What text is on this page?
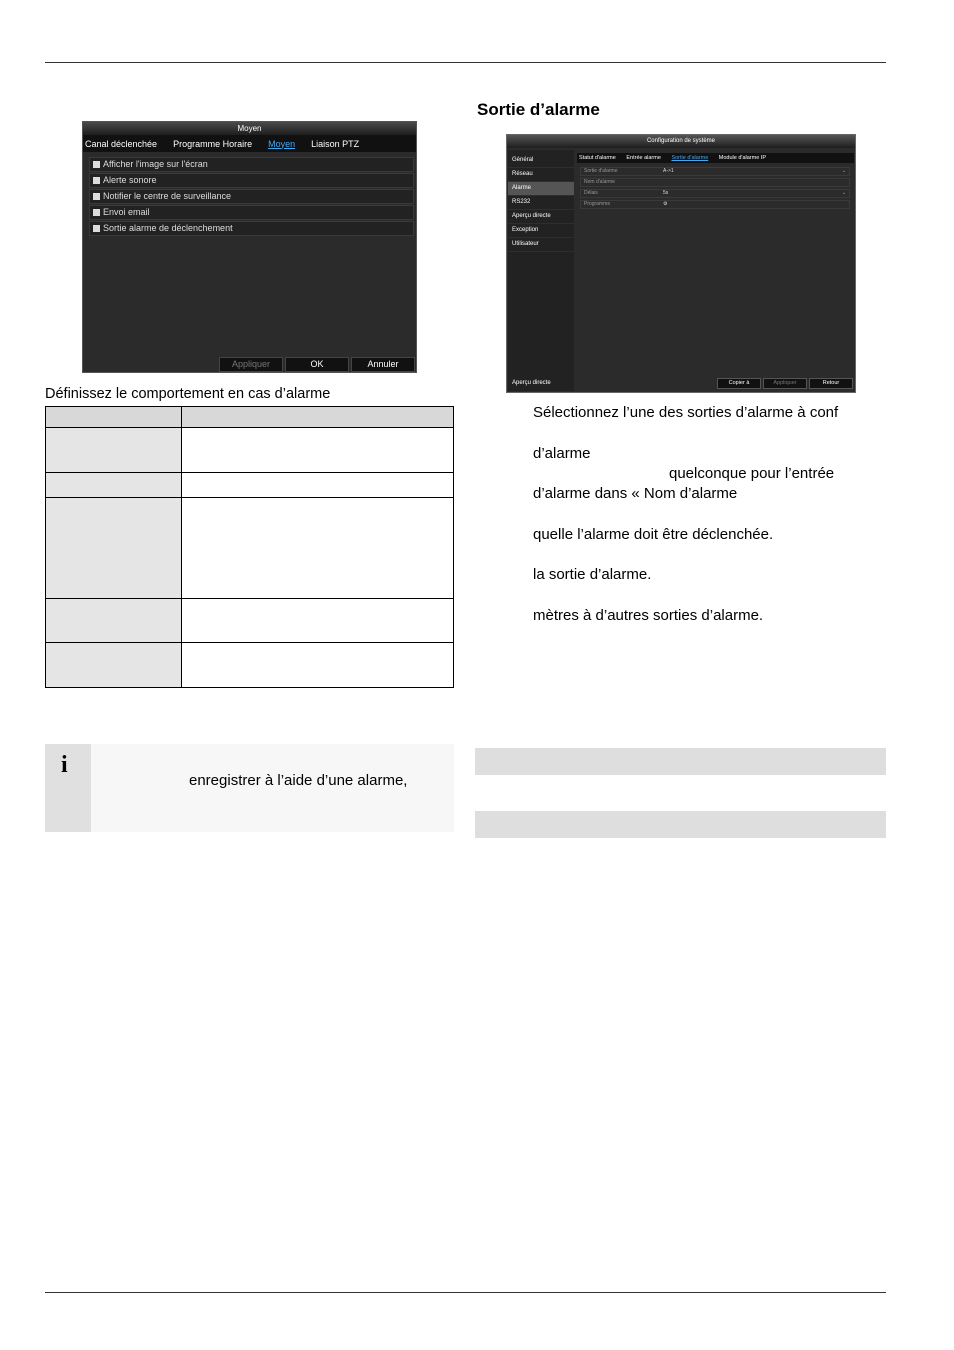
Moyen
Canal déclenchée Programme Horaire Moyen Liaison PTZ
Afficher l'image sur l'écran
Alerte sonore
Notifier le centre de surveillance
Envoi email
Sortie alarme de déclenchement
Appliquer	OK	Annuler
Définissez le comportement en cas d’alarme

i
enregistrer à l’aide d’une alarme,
Sortie d’alarme
Configuration de système
Général
Réseau
Alarme
RS232
Aperçu directe
Exception
Utilisateur
Aperçu directe
Statut d'alarme Entrée alarme Sortie d'alarme Module d'alarme IP
Sortie d'alarme	A->1	⌄
Nom d'alarme
Délais	5s	⌄
Programme	⚙
Copier à	Appliquer	Retour
Sélectionnez l’une des sorties d’alarme à conf
d’alarme
quelconque pour l’entrée
d’alarme dans « Nom d’alarme
quelle l’alarme doit être déclenchée.
la sortie d’alarme.
mètres à d’autres sorties d’alarme.
